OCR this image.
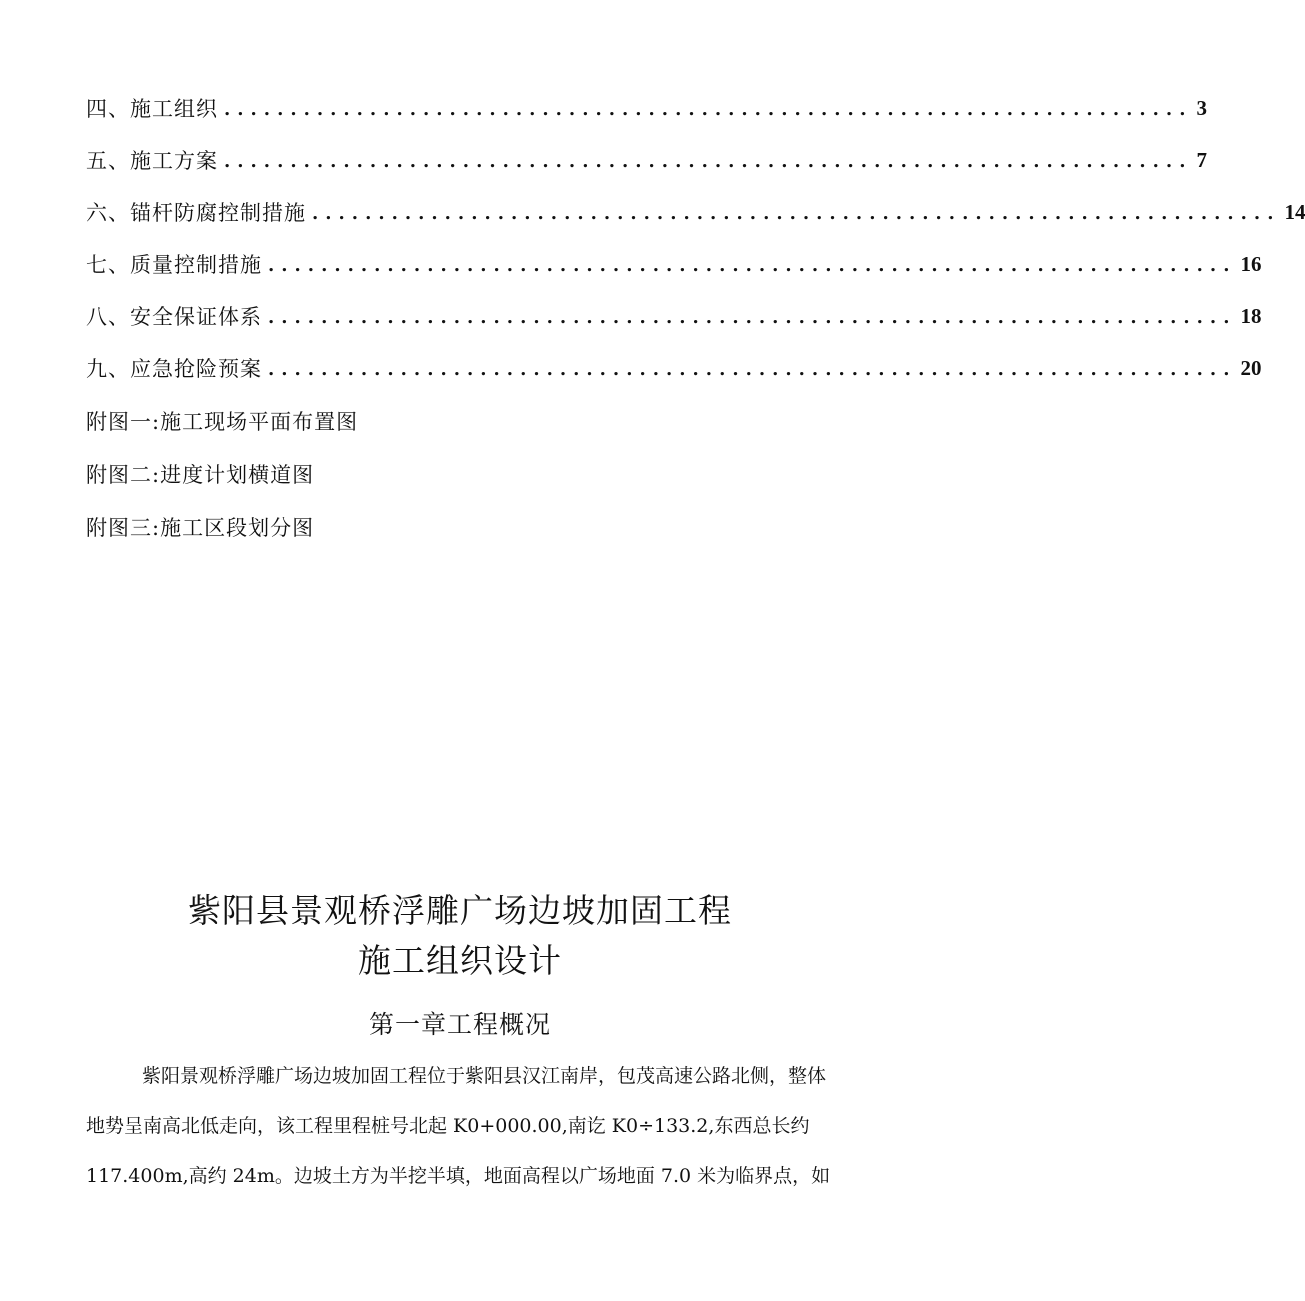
四、施工组织 ......................................................................... 3
五、施工方案 ......................................................................... 7
六、锚杆防腐控制措施 ......................................................................... 14
七、质量控制措施 ......................................................................... 16
八、安全保证体系 ......................................................................... 18
九、应急抢险预案 ......................................................................... 20
附图一:施工现场平面布置图
附图二:进度计划横道图
附图三:施工区段划分图
紫阳县景观桥浮雕广场边坡加固工程
施工组织设计
第一章工程概况
紫阳景观桥浮雕广场边坡加固工程位于紫阳县汉江南岸，包茂高速公路北侧，整体
地势呈南高北低走向，该工程里程桩号北起 K0+000.00,南讫 K0÷133.2,东西总长约
117.400m,高约 24m。边坡土方为半挖半填，地面高程以广场地面 7.0 米为临界点，如
